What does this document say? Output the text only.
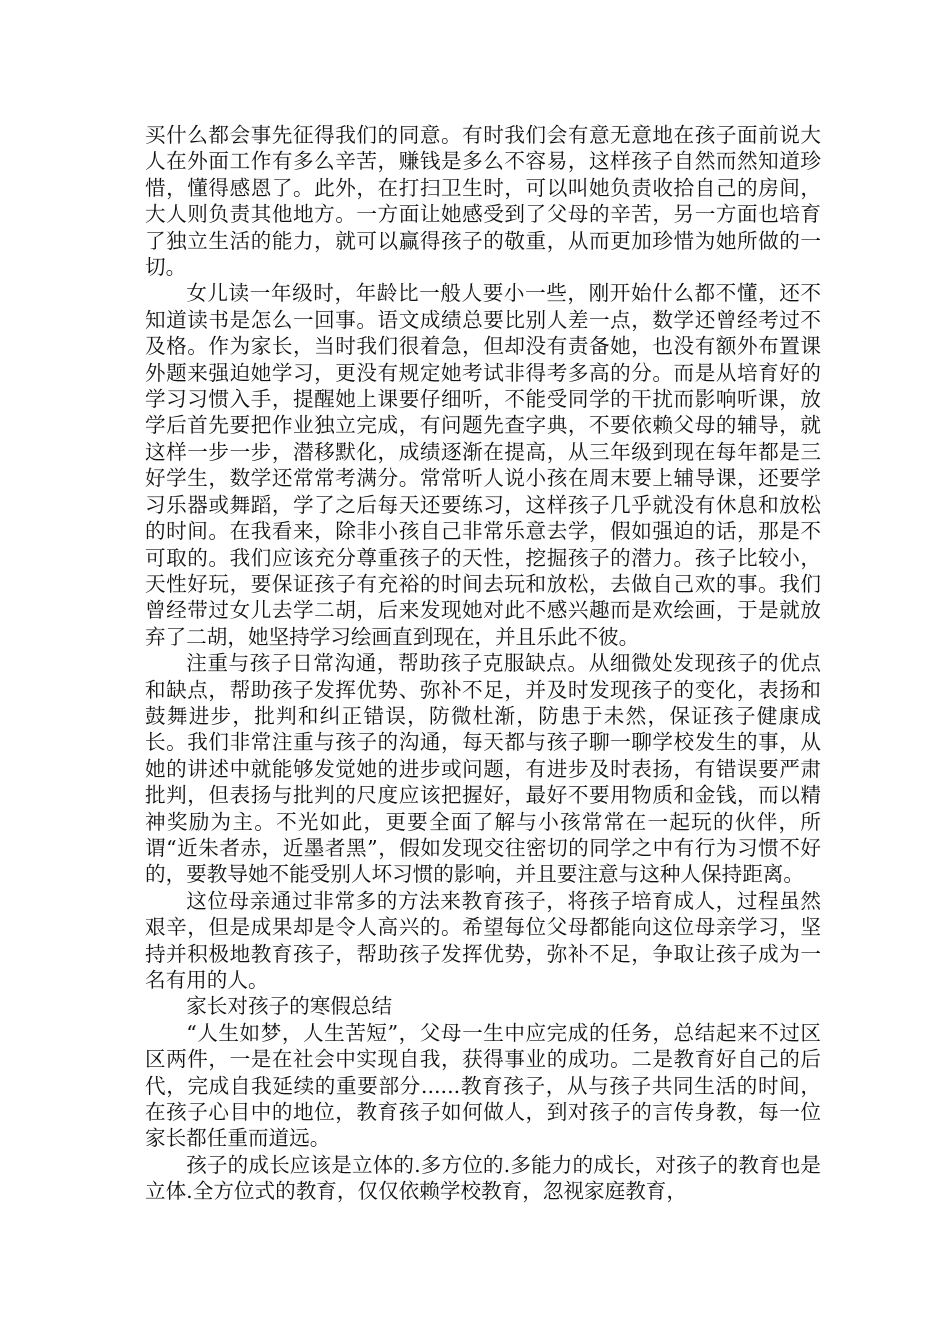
买什么都会事先征得我们的同意。有时我们会有意无意地在孩子面前说大人在外面工作有多么辛苦，赚钱是多么不容易，这样孩子自然而然知道珍惜，懂得感恩了。此外，在打扫卫生时，可以叫她负责收拾自己的房间，大人则负责其他地方。一方面让她感受到了父母的辛苦，另一方面也培育了独立生活的能力，就可以赢得孩子的敬重，从而更加珍惜为她所做的一切。

女儿读一年级时，年龄比一般人要小一些，刚开始什么都不懂，还不知道读书是怎么一回事。语文成绩总要比别人差一点，数学还曾经考过不及格。作为家长，当时我们很着急，但却没有责备她，也没有额外布置课外题来强迫她学习，更没有规定她考试非得考多高的分。而是从培育好的学习习惯入手，提醒她上课要仔细听，不能受同学的干扰而影响听课，放学后首先要把作业独立完成，有问题先查字典，不要依赖父母的辅导，就这样一步一步，潜移默化，成绩逐渐在提高，从三年级到现在每年都是三好学生，数学还常常考满分。常常听人说小孩在周末要上辅导课，还要学习乐器或舞蹈，学了之后每天还要练习，这样孩子几乎就没有休息和放松的时间。在我看来，除非小孩自己非常乐意去学，假如强迫的话，那是不可取的。我们应该充分尊重孩子的天性，挖掘孩子的潜力。孩子比较小，天性好玩，要保证孩子有充裕的时间去玩和放松，去做自己欢的事。我们曾经带过女儿去学二胡，后来发现她对此不感兴趣而是欢绘画，于是就放弃了二胡，她坚持学习绘画直到现在，并且乐此不彼。

注重与孩子日常沟通，帮助孩子克服缺点。从细微处发现孩子的优点和缺点，帮助孩子发挥优势、弥补不足，并及时发现孩子的变化，表扬和鼓舞进步，批判和纠正错误，防微杜渐，防患于未然，保证孩子健康成长。我们非常注重与孩子的沟通，每天都与孩子聊一聊学校发生的事，从她的讲述中就能够发觉她的进步或问题，有进步及时表扬，有错误要严肃批判，但表扬与批判的尺度应该把握好，最好不要用物质和金钱，而以精神奖励为主。不光如此，更要全面了解与小孩常常在一起玩的伙伴，所谓“近朱者赤，近墨者黑”，假如发现交往密切的同学之中有行为习惯不好的，要教导她不能受别人坏习惯的影响，并且要注意与这种人保持距离。

这位母亲通过非常多的方法来教育孩子，将孩子培育成人，过程虽然艰辛，但是成果却是令人高兴的。希望每位父母都能向这位母亲学习，坚持并积极地教育孩子，帮助孩子发挥优势，弥补不足，争取让孩子成为一名有用的人。

家长对孩子的寒假总结

“人生如梦，人生苦短”，父母一生中应完成的任务，总结起来不过区区两件，一是在社会中实现自我，获得事业的成功。二是教育好自己的后代，完成自我延续的重要部分......教育孩子，从与孩子共同生活的时间，在孩子心目中的地位，教育孩子如何做人，到对孩子的言传身教，每一位家长都任重而道远。

孩子的成长应该是立体的.多方位的.多能力的成长，对孩子的教育也是立体.全方位式的教育，仅仅依赖学校教育，忽视家庭教育，
